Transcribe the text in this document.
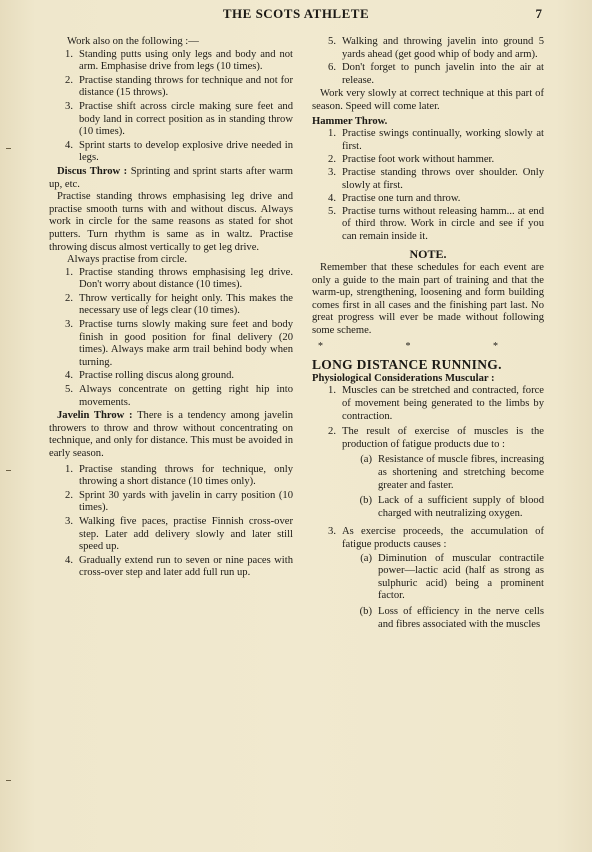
THE SCOTS ATHLETE	7

Work also on the following :—

1. Standing putts using only legs and body and not arm. Emphasise drive from legs (10 times).
2. Practise standing throws for technique and not for distance (15 throws).
3. Practise shift across circle making sure feet and body land in correct position as in standing throw (10 times).
4. Sprint starts to develop explosive drive needed in legs.

Discus Throw : Sprinting and sprint starts after warm up, etc.

Practise standing throws emphasising leg drive and practise smooth turns with and without discus. Always work in circle for the same reasons as stated for shot putters. Turn rhythm is same as in waltz. Practise throwing discus almost vertically to get leg drive.

Always practise from circle.

1. Practise standing throws emphasising leg drive. Don't worry about distance (10 times).
2. Throw vertically for height only. This makes the necessary use of legs clear (10 times).
3. Practise turns slowly making sure feet and body finish in good position for final delivery (20 times). Always make arm trail behind body when turning.
4. Practise rolling discus along ground.
5. Always concentrate on getting right hip into movements.

Javelin Throw : There is a tendency among javelin throwers to throw and throw without concentrating on technique, and only for distance. This must be avoided in early season.

1. Practise standing throws for technique, only throwing a short distance (10 times only).
2. Sprint 30 yards with javelin in carry position (10 times).
3. Walking five paces, practise Finnish cross-over step. Later add delivery slowly and later still speed up.
4. Gradually extend run to seven or nine paces with cross-over step and later add full run up.
5. Walking and throwing javelin into ground 5 yards ahead (get good whip of body and arm).
6. Don't forget to punch javelin into the air at release.

Work very slowly at correct technique at this part of season. Speed will come later.

Hammer Throw.

1. Practise swings continually, working slowly at first.
2. Practise foot work without hammer.
3. Practise standing throws over shoulder. Only slowly at first.
4. Practise one turn and throw.
5. Practise turns without releasing hamm... at end of third throw. Work in circle and see if you can remain inside it.

NOTE.

Remember that these schedules for each event are only a guide to the main part of training and that the warm-up, strengthening, loosening and form building comes first in all cases and the finishing part last. No great progress will ever be made without following some scheme.

* * *

LONG DISTANCE RUNNING.

Physiological Considerations Muscular :

1. Muscles can be stretched and contracted, force of movement being generated to the limbs by contraction.
2. The result of exercise of muscles is the production of fatigue products due to :
(a) Resistance of muscle fibres, increasing as shortening and stretching become greater and faster.
(b) Lack of a sufficient supply of blood charged with neutralizing oxygen.
3. As exercise proceeds, the accumulation of fatigue products causes :
(a) Diminution of muscular contractile power—lactic acid (half as strong as sulphuric acid) being a prominent factor.
(b) Loss of efficiency in the nerve cells and fibres associated with the muscles
